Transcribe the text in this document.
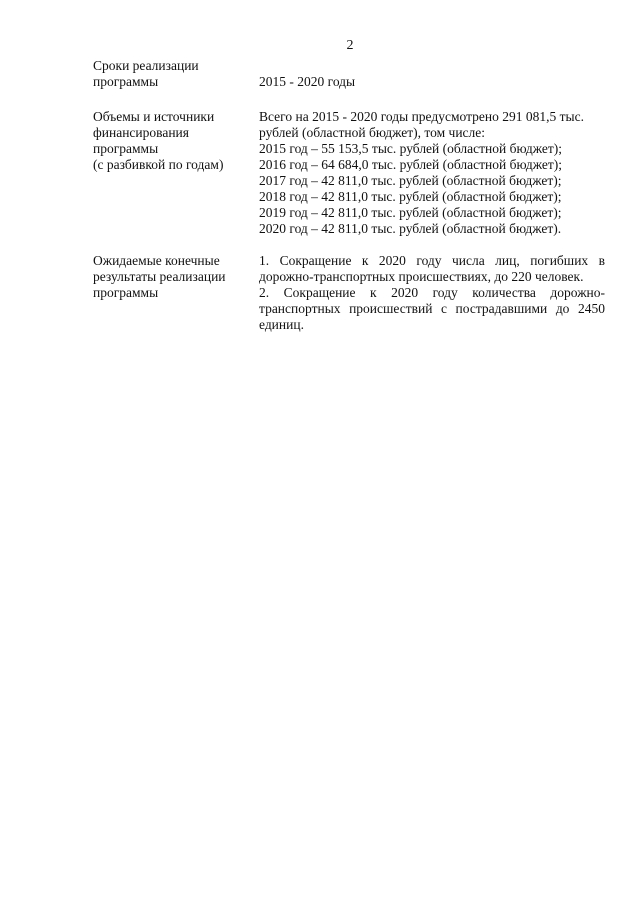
2
Сроки реализации
программы	2015 - 2020 годы
Объемы и источники
финансирования
программы
(с разбивкой по годам)
Всего на 2015 - 2020 годы предусмотрено 291 081,5 тыс.
рублей (областной бюджет), том числе:
2015 год – 55 153,5 тыс. рублей (областной бюджет);
2016 год – 64 684,0 тыс. рублей (областной бюджет);
2017 год – 42 811,0 тыс. рублей (областной бюджет);
2018 год – 42 811,0 тыс. рублей (областной бюджет);
2019 год – 42 811,0 тыс. рублей (областной бюджет);
2020 год – 42 811,0 тыс. рублей (областной бюджет).
Ожидаемые конечные
результаты реализации
программы
1. Сокращение к 2020 году числа лиц, погибших в
дорожно-транспортных происшествиях, до 220 человек.
2. Сокращение к 2020 году количества дорожно-
транспортных происшествий с пострадавшими до 2450
единиц.
